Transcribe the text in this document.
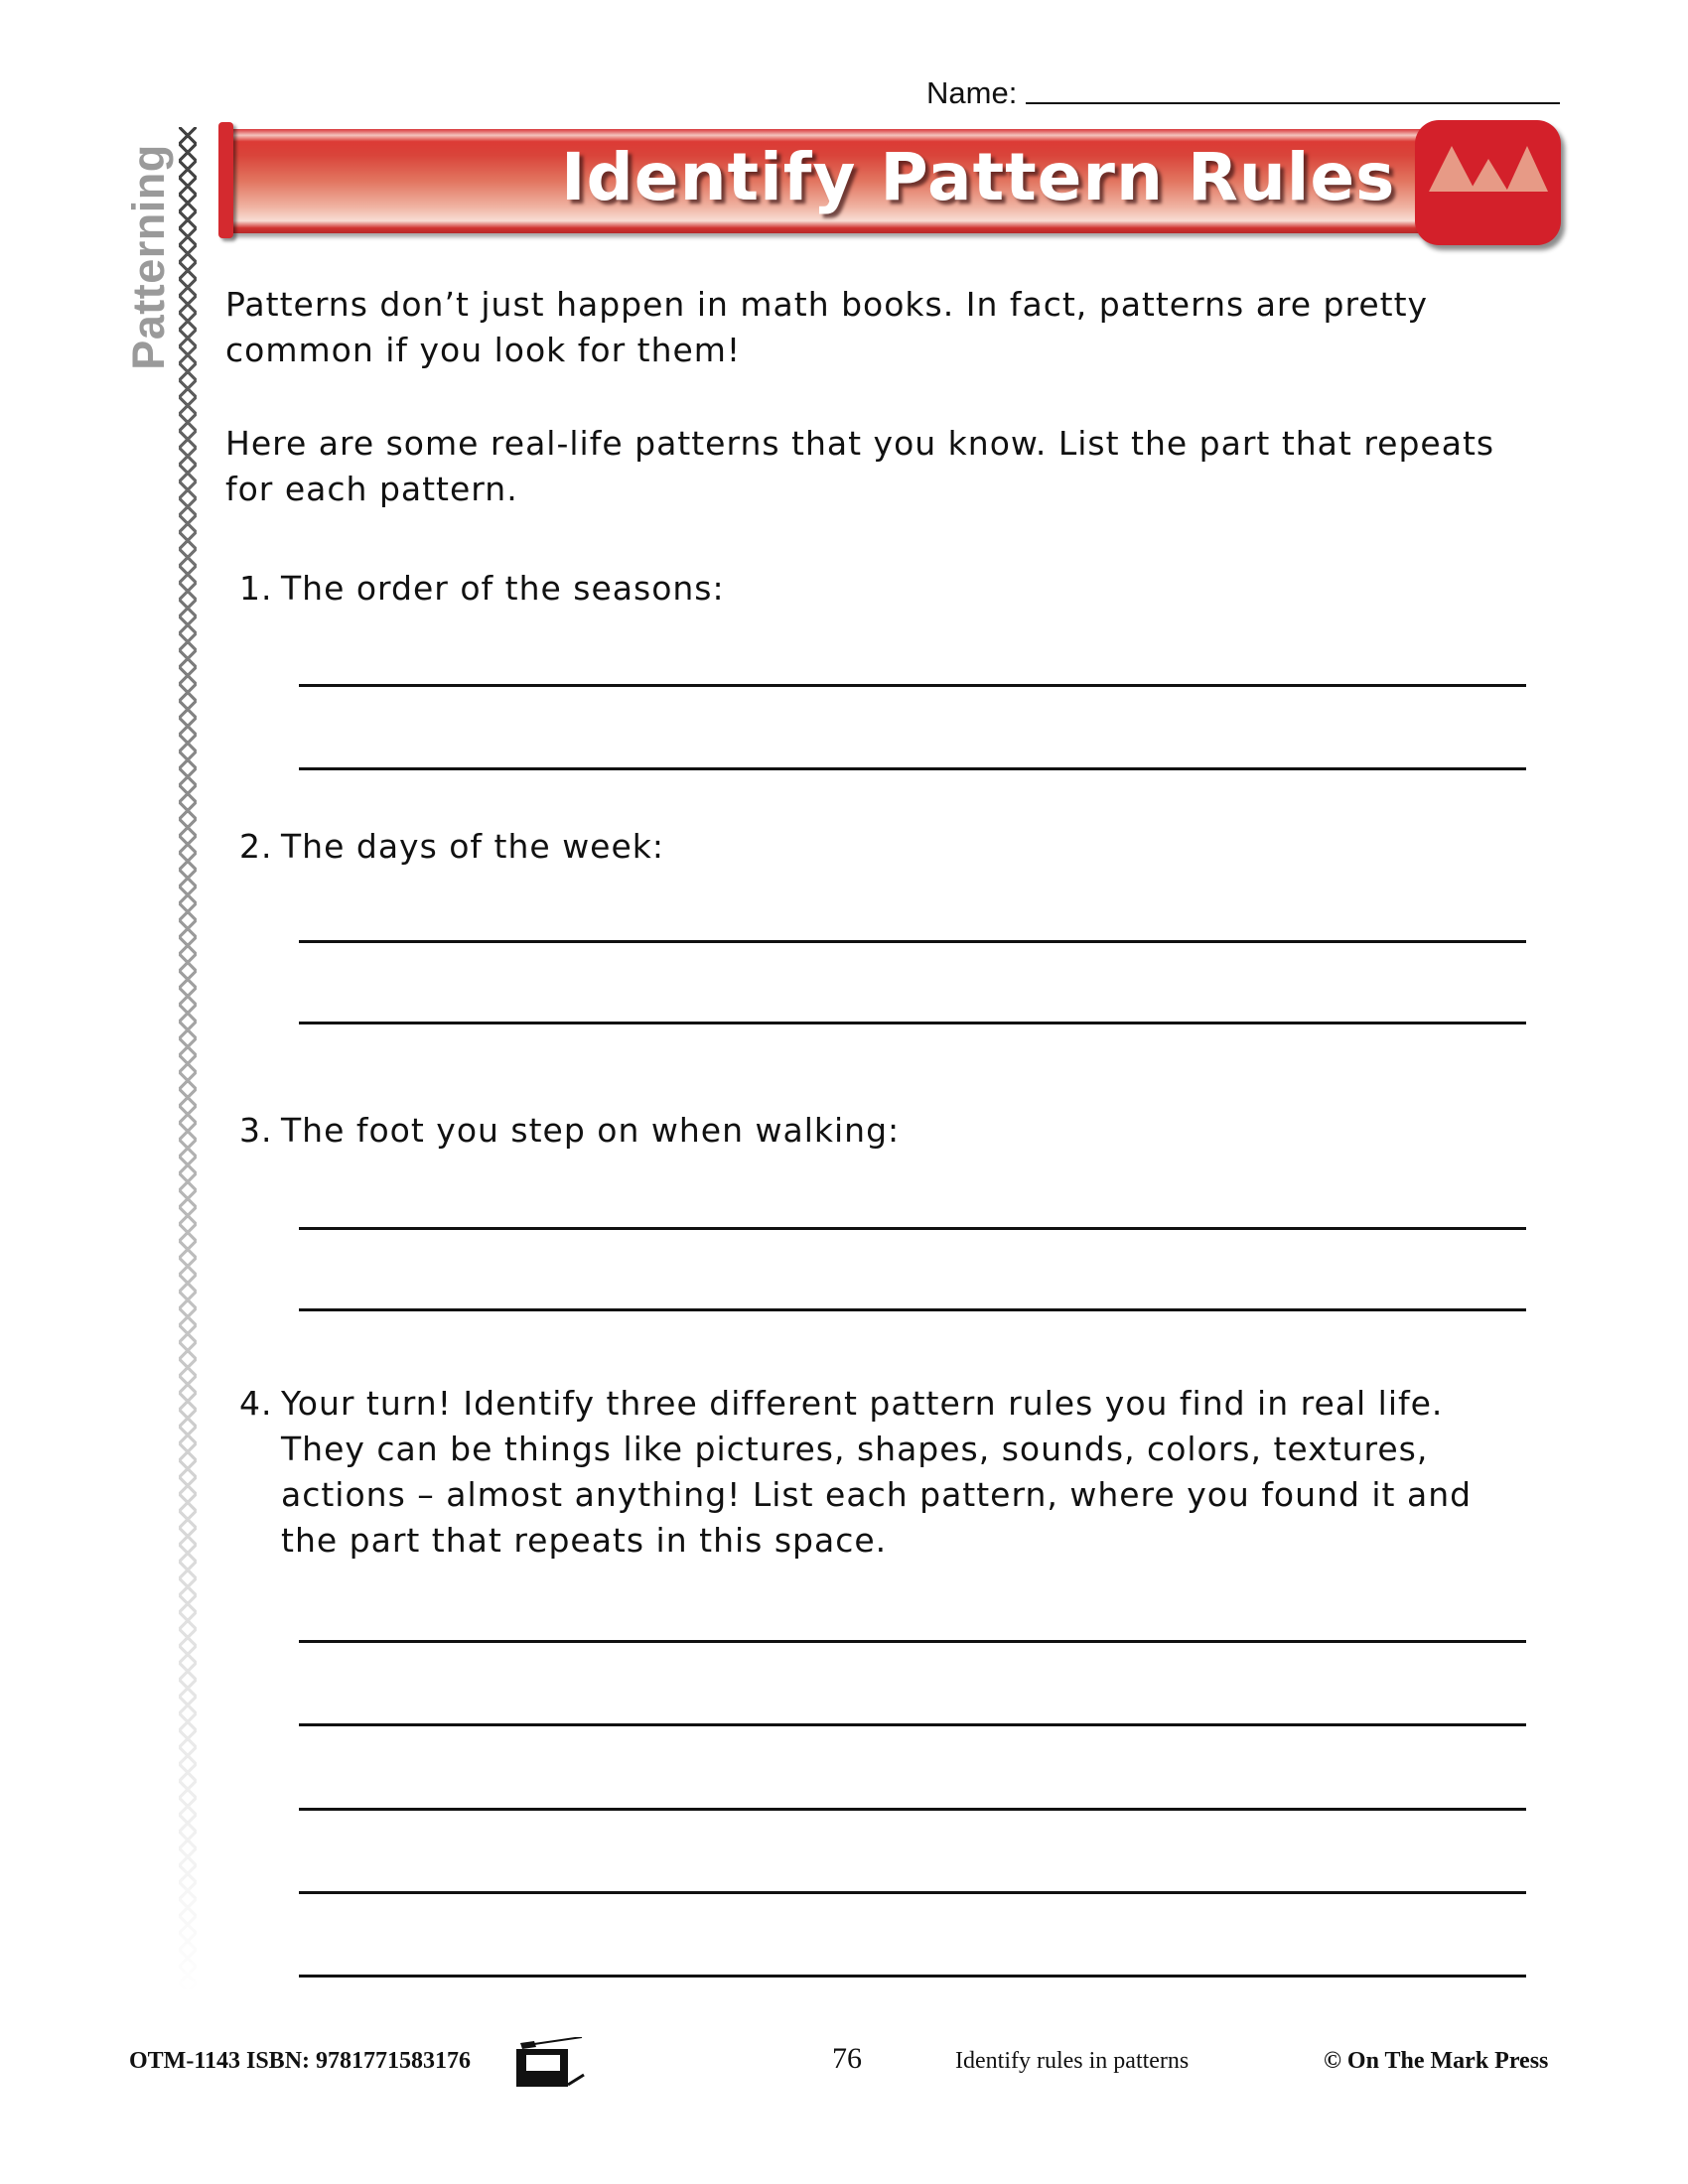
Name:
Patterning	Identify Pattern Rules
Patterns don’t just happen in math books. In fact, patterns are pretty
common if you look for them!
Here are some real-life patterns that you know. List the part that repeats
for each pattern.
1. The order of the seasons:
2. The days of the week:
3. The foot you step on when walking:
4. Your turn! Identify three different pattern rules you find in real life.
They can be things like pictures, shapes, sounds, colors, textures,
actions – almost anything! List each pattern, where you found it and
the part that repeats in this space.
OTM-1143 ISBN: 9781771583176	76	Identify rules in patterns	© On The Mark Press
